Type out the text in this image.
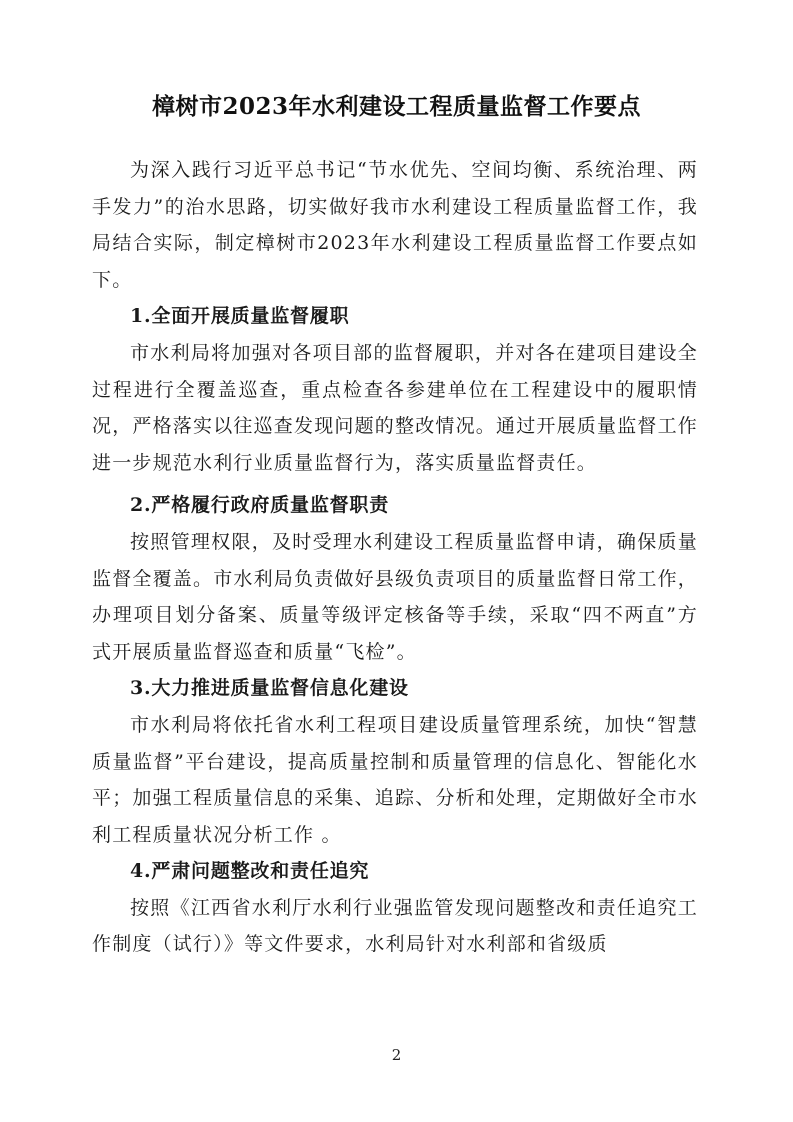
樟树市2023年水利建设工程质量监督工作要点

为深入践行习近平总书记“节水优先、空间均衡、系统治理、两手发力”的治水思路，切实做好我市水利建设工程质量监督工作，我局结合实际，制定樟树市2023年水利建设工程质量监督工作要点如下。

1.全面开展质量监督履职

市水利局将加强对各项目部的监督履职，并对各在建项目建设全过程进行全覆盖巡查，重点检查各参建单位在工程建设中的履职情况，严格落实以往巡查发现问题的整改情况。通过开展质量监督工作进一步规范水利行业质量监督行为，落实质量监督责任。

2.严格履行政府质量监督职责

按照管理权限，及时受理水利建设工程质量监督申请，确保质量监督全覆盖。市水利局负责做好县级负责项目的质量监督日常工作，办理项目划分备案、质量等级评定核备等手续，采取“四不两直”方式开展质量监督巡查和质量“飞检”。

3.大力推进质量监督信息化建设

市水利局将依托省水利工程项目建设质量管理系统，加快“智慧质量监督”平台建设，提高质量控制和质量管理的信息化、智能化水平；加强工程质量信息的采集、追踪、分析和处理，定期做好全市水利工程质量状况分析工作 。

4.严肃问题整改和责任追究

按照《江西省水利厅水利行业强监管发现问题整改和责任追究工作制度（试行）》等文件要求，水利局针对水利部和省级质

2
